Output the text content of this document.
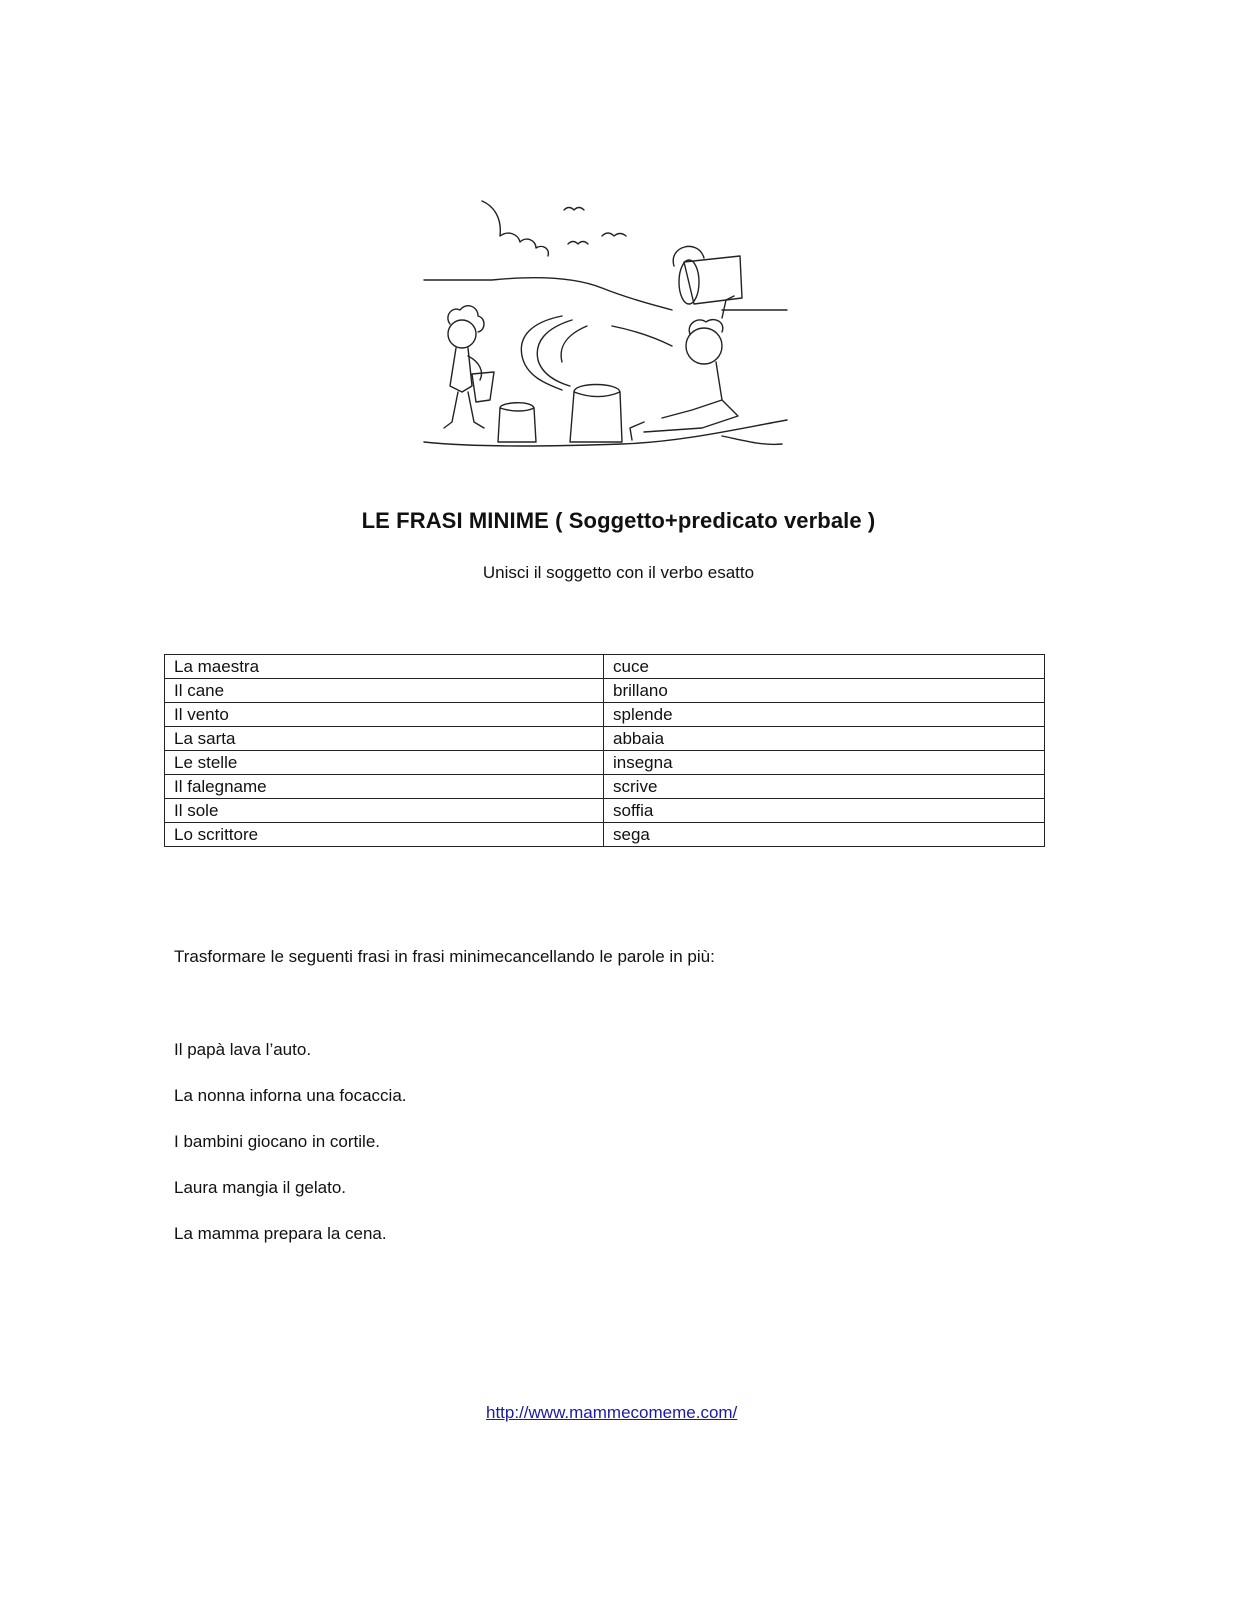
LE FRASI MINIME ( Soggetto+predicato verbale )

Unisci il soggetto con il verbo esatto

La maestra	cuce
Il cane	brillano
Il vento	splende
La sarta	abbaia
Le stelle	insegna
Il falegname	scrive
Il sole	soffia
Lo scrittore	sega

Trasformare le seguenti frasi in frasi minimecancellando le parole in più:

Il papà lava l’auto.
La nonna inforna una focaccia.
I bambini giocano in cortile.
Laura mangia il gelato.
La mamma prepara la cena.
http://www.mammecomeme.com/
